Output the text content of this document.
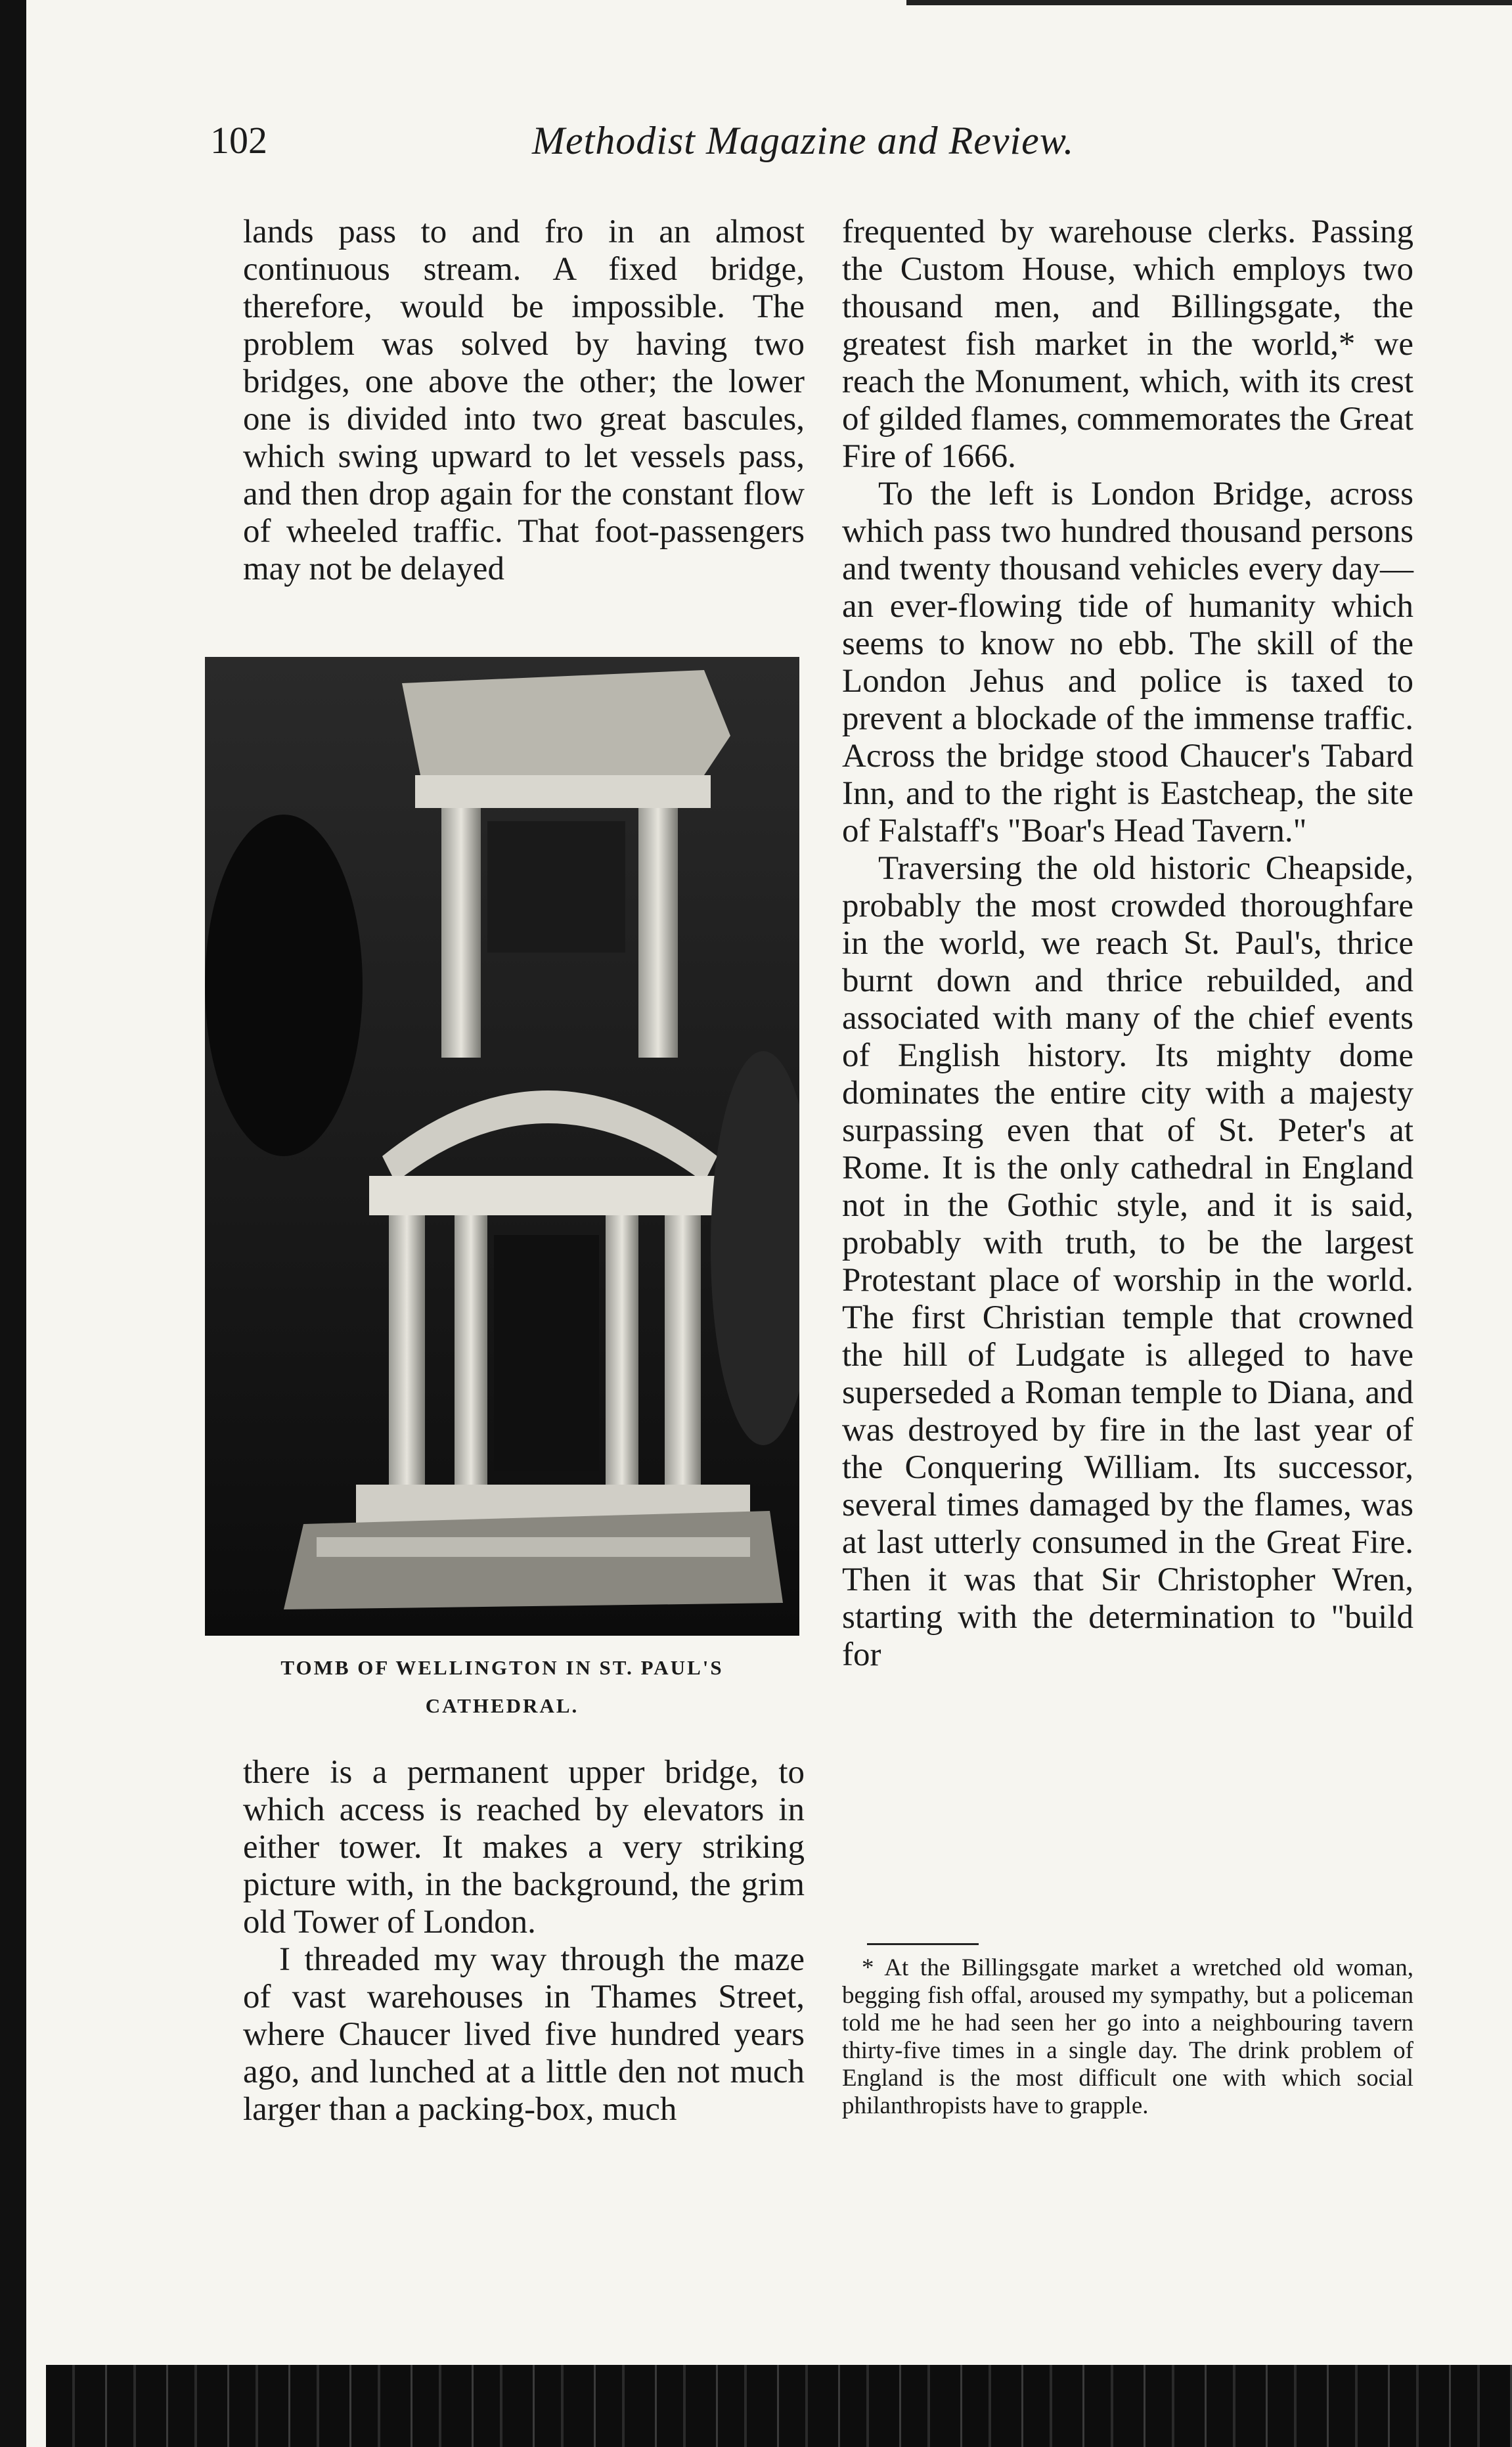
102	Methodist Magazine and Review.

lands pass to and fro in an almost continuous stream. A fixed bridge, therefore, would be impossible. The problem was solved by having two bridges, one above the other; the lower one is divided into two great bascules, which swing upward to let vessels pass, and then drop again for the constant flow of wheeled traffic. That foot-passengers may not be delayed

TOMB OF WELLINGTON IN ST. PAUL'S
CATHEDRAL.

there is a permanent upper bridge, to which access is reached by elevators in either tower. It makes a very striking picture with, in the background, the grim old Tower of London.

I threaded my way through the maze of vast warehouses in Thames Street, where Chaucer lived five hundred years ago, and lunched at a little den not much larger than a packing-box, much

frequented by warehouse clerks. Passing the Custom House, which employs two thousand men, and Billingsgate, the greatest fish market in the world,* we reach the Monument, which, with its crest of gilded flames, commemorates the Great Fire of 1666.

To the left is London Bridge, across which pass two hundred thousand persons and twenty thousand vehicles every day—an ever-flowing tide of humanity which seems to know no ebb. The skill of the London Jehus and police is taxed to prevent a blockade of the immense traffic. Across the bridge stood Chaucer's Tabard Inn, and to the right is Eastcheap, the site of Falstaff's "Boar's Head Tavern."

Traversing the old historic Cheapside, probably the most crowded thoroughfare in the world, we reach St. Paul's, thrice burnt down and thrice rebuilded, and associated with many of the chief events of English history. Its mighty dome dominates the entire city with a majesty surpassing even that of St. Peter's at Rome. It is the only cathedral in England not in the Gothic style, and it is said, probably with truth, to be the largest Protestant place of worship in the world. The first Christian temple that crowned the hill of Ludgate is alleged to have superseded a Roman temple to Diana, and was destroyed by fire in the last year of the Conquering William. Its successor, several times damaged by the flames, was at last utterly consumed in the Great Fire. Then it was that Sir Christopher Wren, starting with the determination to "build for

* At the Billingsgate market a wretched old woman, begging fish offal, aroused my sympathy, but a policeman told me he had seen her go into a neighbouring tavern thirty-five times in a single day. The drink problem of England is the most difficult one with which social philanthropists have to grapple.
